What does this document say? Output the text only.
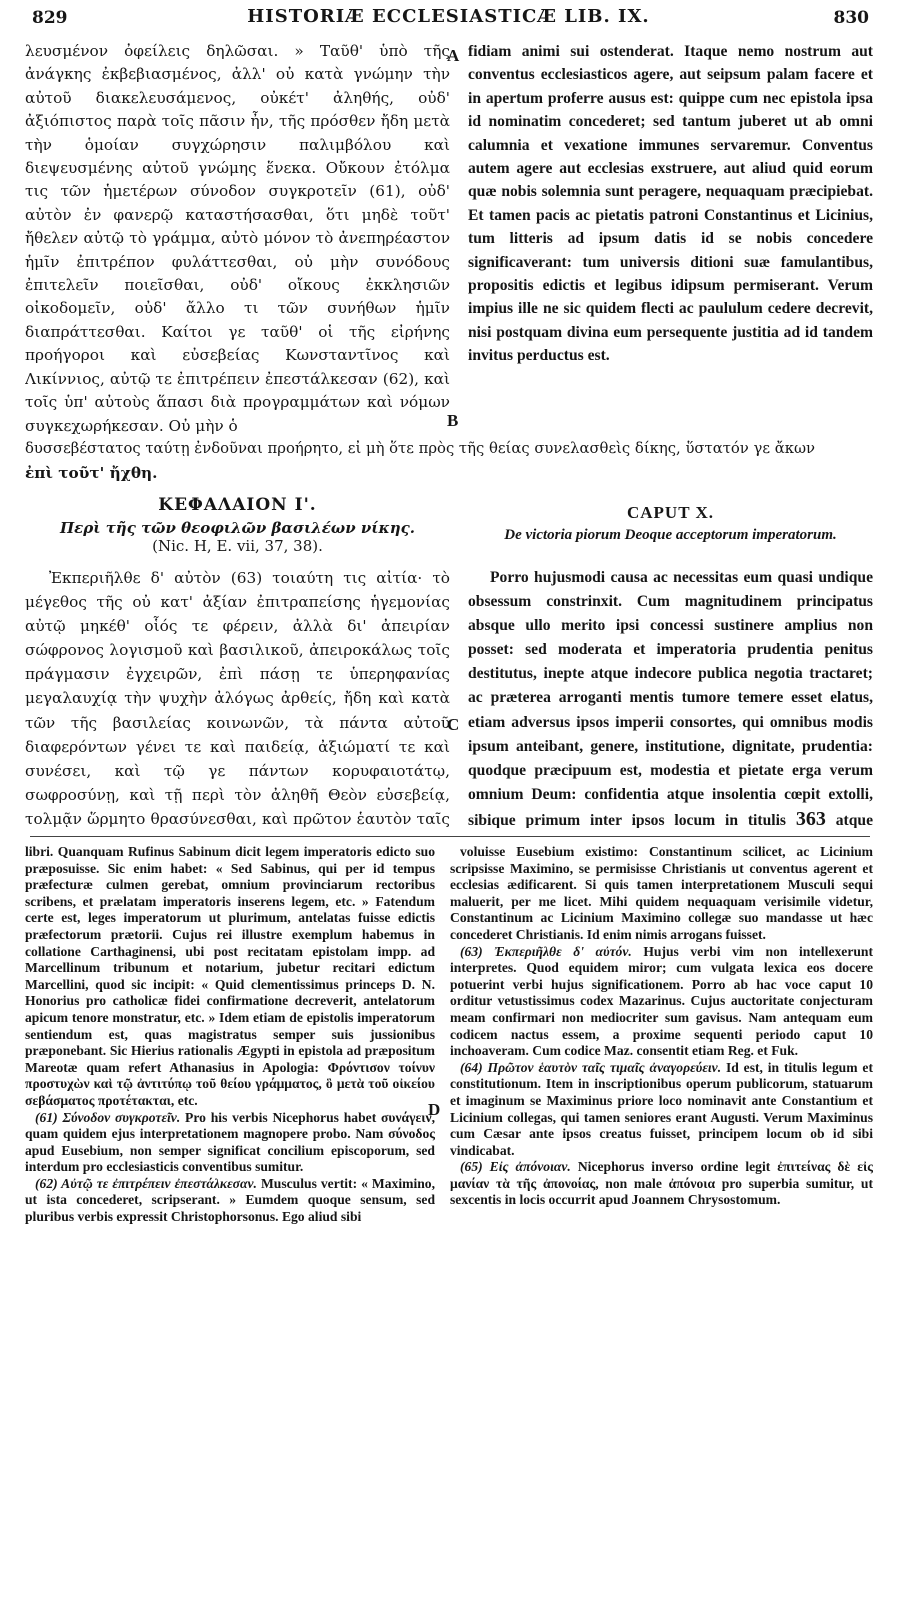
829	HISTORIÆ ECCLESIASTICÆ LIB. IX.	830

λευσμένον ὀφείλεις δηλῶσαι. » Ταῦθ' ὑπὸ τῆς ἀνάγκης ἐκβεβιασμένος, ἀλλ' οὐ κατὰ γνώμην τὴν αὐτοῦ διακελευσάμενος, οὐκέτ' ἀληθής, οὐδ' ἀξιόπιστος παρὰ τοῖς πᾶσιν ἦν, τῆς πρόσθεν ἤδη μετὰ τὴν ὁμοίαν συγχώρησιν παλιμβόλου καὶ διεψευσμένης αὐτοῦ γνώμης ἕνεκα. Οὔκουν ἐτόλμα τις τῶν ἡμετέρων σύνοδον συγκροτεῖν (61), οὐδ' αὐτὸν ἐν φανερῷ καταστήσασθαι, ὅτι μηδὲ τοῦτ' ἤθελεν αὐτῷ τὸ γράμμα, αὐτὸ μόνον τὸ ἀνεπηρέαστον ἡμῖν ἐπιτρέπον φυλάττεσθαι, οὐ μὴν συνόδους ἐπιτελεῖν ποιεῖσθαι, οὐδ' οἴκους ἐκκλησιῶν οἰκοδομεῖν, οὐδ' ἄλλο τι τῶν συνήθων ἡμῖν διαπράττεσθαι. Καίτοι γε ταῦθ' οἱ τῆς εἰρήνης προήγοροι καὶ εὐσεβείας Κωνσταντῖνος καὶ Λικίννιος, αὐτῷ τε ἐπιτρέπειν ἐπεστάλκεσαν (62), καὶ τοῖς ὑπ' αὐτοὺς ἅπασι διὰ προγραμμάτων καὶ νόμων συγκεχωρήκεσαν. Οὐ μὴν ὁ

fidiam animi sui ostenderat. Itaque nemo nostrum aut conventus ecclesiasticos agere, aut seipsum palam facere et in apertum proferre ausus est: quippe cum nec epistola ipsa id nominatim concederet; sed tantum juberet ut ab omni calumnia et vexatione immunes servaremur. Conventus autem agere aut ecclesias exstruere, aut aliud quid eorum quæ nobis solemnia sunt peragere, nequaquam præcipiebat. Et tamen pacis ac pietatis patroni Constantinus et Licinius, tum litteris ad ipsum datis id se nobis concedere significaverant: tum universis ditioni suæ famulantibus, propositis edictis et legibus idipsum permiserant. Verum impius ille ne sic quidem flecti ac paululum cedere decrevit, nisi postquam divina eum persequente justitia ad id tandem invitus perductus est.

A
B
δυσσεβέστατος ταύτῃ ἐνδοῦναι προήρητο, εἰ μὴ ὅτε πρὸς τῆς θείας συνελασθεὶς δίκης, ὕστατόν γε ἄκων
ἐπὶ τοῦτ' ἤχθη.
ΚΕΦΑΛΑΙΟΝ Ι'.
Περὶ τῆς τῶν θεοφιλῶν βασιλέων νίκης.
(Nic. H, E. vii, 37, 38).
CAPUT X.
De victoria piorum Deoque acceptorum imperatorum.

Ἐκπεριῆλθε δ' αὐτὸν (63) τοιαύτη τις αἰτία· τὸ μέγεθος τῆς οὐ κατ' ἀξίαν ἐπιτραπείσης ἡγεμονίας αὐτῷ μηκέθ' οἷός τε φέρειν, ἀλλὰ δι' ἀπειρίαν σώφρονος λογισμοῦ καὶ βασιλικοῦ, ἀπειροκάλως τοῖς πράγμασιν ἐγχειρῶν, ἐπὶ πάσῃ τε ὑπερηφανίας μεγαλαυχίᾳ τὴν ψυχὴν ἀλόγως ἀρθείς, ἤδη καὶ κατὰ τῶν τῆς βασιλείας κοινωνῶν, τὰ πάντα αὐτοῦ διαφερόντων γένει τε καὶ παιδείᾳ, ἀξιώματί τε καὶ συνέσει, καὶ τῷ γε πάντων κορυφαιοτάτῳ, σωφροσύνῃ, καὶ τῇ περὶ τὸν ἀληθῆ Θεὸν εὐσεβείᾳ, τολμᾷν ὥρμητο θρασύνεσθαι, καὶ πρῶτον ἑαυτὸν ταῖς

Porro hujusmodi causa ac necessitas eum quasi undique obsessum constrinxit. Cum magnitudinem principatus absque ullo merito ipsi concessi sustinere amplius non posset: sed moderata et imperatoria prudentia penitus destitutus, inepte atque indecore publica negotia tractaret; ac præterea arroganti mentis tumore temere esset elatus, etiam adversus ipsos imperii consortes, qui omnibus modis ipsum anteibant, genere, institutione, dignitate, prudentia: quodque præcipuum est, modestia et pietate erga verum omnium Deum: confidentia atque insolentia cœpit extolli, sibique primum inter ipsos locum in titulis 363 atque

C

libri. Quanquam Rufinus Sabinum dicit legem imperatoris edicto suo præposuisse. Sic enim habet: « Sed Sabinus, qui per id tempus præfecturæ culmen gerebat, omnium provinciarum rectoribus scribens, et prælatam imperatoris inserens legem, etc. » Fatendum certe est, leges imperatorum ut plurimum, antelatas fuisse edictis præfectorum prætorii. Cujus rei illustre exemplum habemus in collatione Carthaginensi, ubi post recitatam epistolam impp. ad Marcellinum tribunum et notarium, jubetur recitari edictum Marcellini, quod sic incipit: « Quid clementissimus princeps D. N. Honorius pro catholicæ fidei confirmatione decreverit, antelatorum apicum tenore monstratur, etc. » Idem etiam de epistolis imperatorum sentiendum est, quas magistratus semper suis jussionibus præponebant. Sic Hierius rationalis Ægypti in epistola ad præpositum Mareotæ quam refert Athanasius in Apologia: Φρόντισον τοίνυν προστυχὼν καὶ τῷ ἀντιτύπῳ τοῦ θείου γράμματος, ὃ μετὰ τοῦ οἰκείου σεβάσματος προτέτακται, etc.

(61) Σύνοδον συγκροτεῖν. Pro his verbis Nicephorus habet συνάγειν, quam quidem ejus interpretationem magnopere probo. Nam σύνοδος apud Eusebium, non semper significat concilium episcoporum, sed interdum pro ecclesiasticis conventibus sumitur.

(62) Αὐτῷ τε ἐπιτρέπειν ἐπεστάλκεσαν. Musculus vertit: « Maximino, ut ista concederet, scripserant. » Eumdem quoque sensum, sed pluribus verbis expressit Christophorsonus. Ego aliud sibi

D

voluisse Eusebium existimo: Constantinum scilicet, ac Licinium scripsisse Maximino, se permisisse Christianis ut conventus agerent et ecclesias ædificarent. Si quis tamen interpretationem Musculi sequi maluerit, per me licet. Mihi quidem nequaquam verisimile videtur, Constantinum ac Licinium Maximino collegæ suo mandasse ut hæc concederet Christianis. Id enim nimis arrogans fuisset.

(63) Ἐκπεριῆλθε δ' αὐτόν. Hujus verbi vim non intellexerunt interpretes. Quod equidem miror; cum vulgata lexica eos docere potuerint verbi hujus significationem. Porro ab hac voce caput 10 orditur vetustissimus codex Mazarinus. Cujus auctoritate conjecturam meam confirmari non mediocriter sum gavisus. Nam antequam eum codicem nactus essem, a proxime sequenti periodo caput 10 inchoaveram. Cum codice Maz. consentit etiam Reg. et Fuk.

(64) Πρῶτον ἑαυτὸν ταῖς τιμαῖς ἀναγορεύειν. Id est, in titulis legum et constitutionum. Item in inscriptionibus operum publicorum, statuarum et imaginum se Maximinus priore loco nominavit ante Constantium et Licinium collegas, qui tamen seniores erant Augusti. Verum Maximinus cum Cæsar ante ipsos creatus fuisset, principem locum ob id sibi vindicabat.

(65) Εἰς ἀπόνοιαν. Nicephorus inverso ordine legit ἐπιτείνας δὲ εἰς μανίαν τὰ τῆς ἀπονοίας, non male ἀπόνοια pro superbia sumitur, ut sexcentis in locis occurrit apud Joannem Chrysostomum.
